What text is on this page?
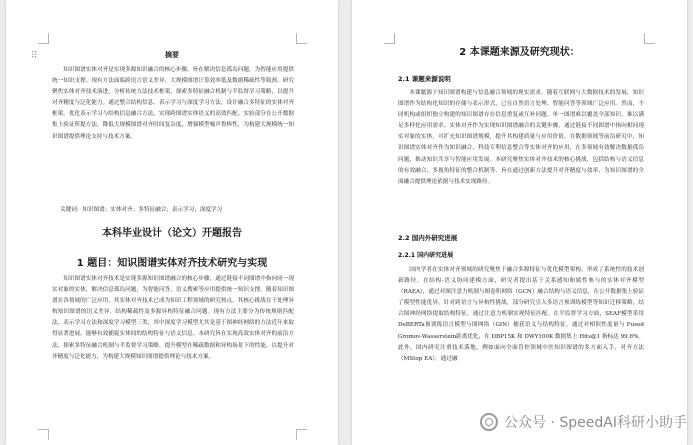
⠿	摘要

知识图谱实体对齐是实现多源知识融合的核心步骤，旨在解决信息孤岛问题，为智能应用提供统一知识支撑。现有方法面临跨语言语义差异、大规模图谱计算效率低及数据稀疏性等瓶颈。研究聚焦实体对齐技术演进，分析传统方法技术框架，探索多特征融合机制与半监督学习策略，以提升对齐精度与泛化能力。通过整合结构信息、表示学习与深度学习方法，设计融合多特征的实体对齐框架。优化表示学习与结构信息融合方法，实现跨图谱实体语义的高效匹配。实验部分在公开数据集上验证所提方法，降低大规模图谱对齐时间复杂度，增强模型噪声鲁棒性，为构建大规模统一知识图谱提供理论支持与技术方案。

关键词：知识图谱；实体对齐；多特征融合；表示学习；深度学习

本科毕业设计（论文）开题报告
1 题目：知识图谱实体对齐技术研究与实现

知识图谱实体对齐技术是实现多源知识图谱融合的核心步骤，通过链接不同图谱中指向同一现实对象的实体，解决信息孤岛问题，为智能问答、语义搜索等应用提供统一知识支撑。随着知识图谱在各领域的广泛应用，其实体对齐技术已成为知识工程领域的研究热点，其核心挑战在于处理异构知识图谱的语义差异、结构稀疏性及多源异构特征融合问题。现有方法主要分为传统规则匹配法、表示学习方法和深度学习模型三类，其中深度学习模型尤其是基于图神经网络的方法近年来取得显著进展，能够有效捕捉实体间的结构特征与语义信息。本研究旨在实现高效实体对齐的前沿方法，探索多特征融合机制与半监督学习策略，提升模型在稀疏数据和异构场景下的性能，以提升对齐精度与泛化能力，为构建大规模知识图谱提供理论与技术方案。

2 本课题来源及研究现状：

2.1 课题来源说明

本课题源于知识图谱构建与信息融合领域的现实需求。随着互联网与大数据技术的发展，知识图谱作为结构化知识的存储与表示形式，已在自然语言处理、智能问答等领域广泛应用。然而，不同机构或组织独立构建的知识图谱存在信息重复或互补问题。单一图谱难以覆盖全部知识，难以满足多样化应用需求。实体对齐作为实现知识图谱融合的关键步骤，通过链接不同图谱中指向相同现实对象的实体，可扩充知识图谱规模，提升其构建质量与应用价值。在数据领域等前沿研究中，知识图谱实体对齐作为知识融合、科技专利信息整合等实体对齐的应用，在多领域有效解决数据孤岛问题，推动知识共享与智能应用发展。本研究聚焦实体对齐技术的核心挑战，包括结构与语义信息的有效融合、多视角特征的整合机制等，旨在通过创新方法提升对齐精度与效率，为知识图谱的全面融合提供理论依据与技术实现路径。

2.2 国内外研究进展

2.2.1 国内研究进展

国内学者在实体对齐领域的研究聚焦于融合多源特征与优化模型架构，形成了系统性的技术创新路径。在结构-语义协同建模方面，研究者提出基于关系感知和属性参与的实体对齐模型（RAEA），通过对图注意力机制与图卷积网络（GCN）融合结构与语义信息，在公开数据集上验证了模型性能优异。针对跨语言与异构性挑战，部分研究引入多语言预训练模型等知识迁移策略，结合图神经网络提取结构特征，通过注意力机制实现特征匹配。在半监督学习方面，SEAF模型采用 DeBERTa预训练语言模型与图网络（GIN）捕获语义与结构特征，通过对相似性度量与 Fused Gromov-Wasserstein距离优化，在 DBP15K 和 DWY100K 数据集上 Hits@1 指标达 99.8%。此外，国内研究注重技术落地，例如面向全面管控领域中医知识图谱的多方面入手，对齐方法（MStop EA），通过融

公众号 · SpeedAI科研小助手
